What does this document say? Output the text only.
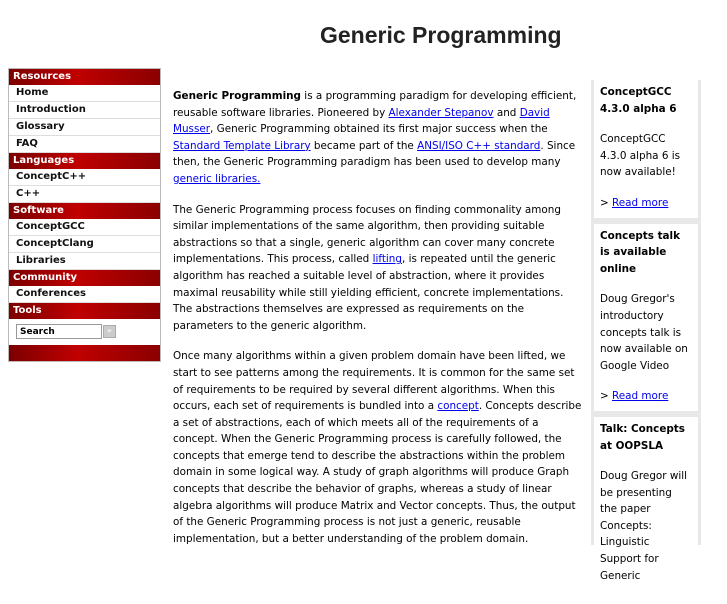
Generic Programming
Resources
Home
Introduction
Glossary
FAQ
Languages
ConceptC++
C++
Software
ConceptGCC
ConceptClang
Libraries
Community
Conferences
Tools
Search»

Generic Programming is a programming paradigm for developing efficient, reusable software libraries. Pioneered by Alexander Stepanov and David Musser, Generic Programming obtained its first major success when the Standard Template Library became part of the ANSI/ISO C++ standard. Since then, the Generic Programming paradigm has been used to develop many generic libraries.

The Generic Programming process focuses on finding commonality among similar implementations of the same algorithm, then providing suitable abstractions so that a single, generic algorithm can cover many concrete implementations. This process, called lifting, is repeated until the generic algorithm has reached a suitable level of abstraction, where it provides maximal reusability while still yielding efficient, concrete implementations. The abstractions themselves are expressed as requirements on the parameters to the generic algorithm.

Once many algorithms within a given problem domain have been lifted, we start to see patterns among the requirements. It is common for the same set of requirements to be required by several different algorithms. When this occurs, each set of requirements is bundled into a concept. Concepts describe a set of abstractions, each of which meets all of the requirements of a concept. When the Generic Programming process is carefully followed, the concepts that emerge tend to describe the abstractions within the problem domain in some logical way. A study of graph algorithms will produce Graph concepts that describe the behavior of graphs, whereas a study of linear algebra algorithms will produce Matrix and Vector concepts. Thus, the output of the Generic Programming process is not just a generic, reusable implementation, but a better understanding of the problem domain.

ConceptGCC 4.3.0 alpha 6
ConceptGCC 4.3.0 alpha 6 is now available!
> Read more
Concepts talk is available online
Doug Gregor's introductory concepts talk is now available on Google Video
> Read more
Talk: Concepts at OOPSLA
Doug Gregor will be presenting the paper Concepts: Linguistic Support for Generic
